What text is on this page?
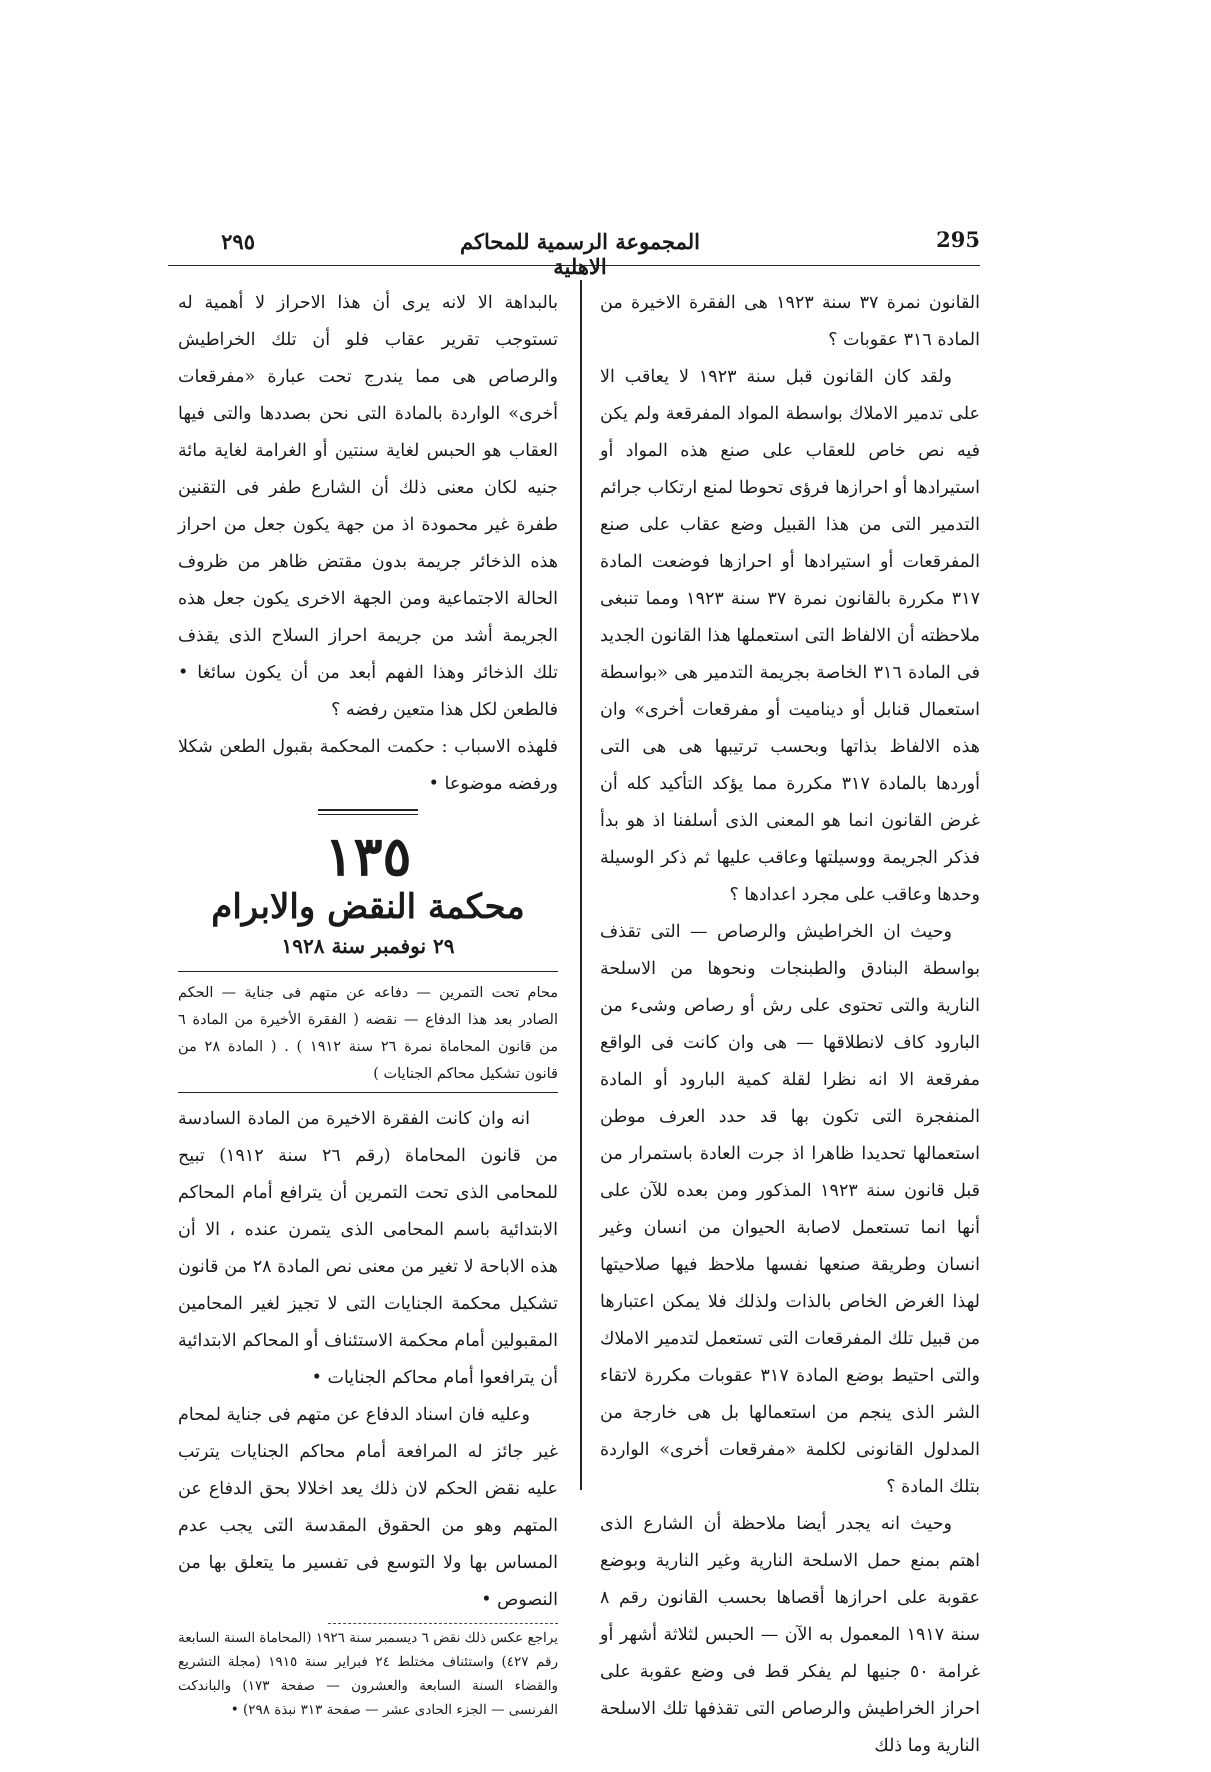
٢٩٥	المجموعة الرسمية للمحاكم الاهلية
295

القانون نمرة ٣٧ سنة ١٩٢٣ هى الفقرة الاخيرة من المادة ٣١٦ عقوبات ؟

ولقد كان القانون قبل سنة ١٩٢٣ لا يعاقب الا على تدمير الاملاك بواسطة المواد المفرقعة ولم يكن فيه نص خاص للعقاب على صنع هذه المواد أو استيرادها أو احرازها فرؤى تحوطا لمنع ارتكاب جرائم التدمير التى من هذا القبيل وضع عقاب على صنع المفرقعات أو استيرادها أو احرازها فوضعت المادة ٣١٧ مكررة بالقانون نمرة ٣٧ سنة ١٩٢٣ ومما تنبغى ملاحظته أن الالفاظ التى استعملها هذا القانون الجديد فى المادة ٣١٦ الخاصة بجريمة التدمير هى «بواسطة استعمال قنابل أو ديناميت أو مفرقعات أخرى» وان هذه الالفاظ بذاتها وبحسب ترتيبها هى هى التى أوردها بالمادة ٣١٧ مكررة مما يؤكد التأكيد كله أن غرض القانون انما هو المعنى الذى أسلفنا اذ هو بدأ فذكر الجريمة ووسيلتها وعاقب عليها ثم ذكر الوسيلة وحدها وعاقب على مجرد اعدادها ؟

وحيث ان الخراطيش والرصاص — التى تقذف بواسطة البنادق والطبنجات ونحوها من الاسلحة النارية والتى تحتوى على رش أو رصاص وشىء من البارود كاف لانطلاقها — هى وان كانت فى الواقع مفرقعة الا انه نظرا لقلة كمية البارود أو المادة المنفجرة التى تكون بها قد حدد العرف موطن استعمالها تحديدا ظاهرا اذ جرت العادة باستمرار من قبل قانون سنة ١٩٢٣ المذكور ومن بعده للآن على أنها انما تستعمل لاصابة الحيوان من انسان وغير انسان وطريقة صنعها نفسها ملاحظ فيها صلاحيتها لهذا الغرض الخاص بالذات ولذلك فلا يمكن اعتبارها من قبيل تلك المفرقعات التى تستعمل لتدمير الاملاك والتى احتيط بوضع المادة ٣١٧ عقوبات مكررة لاتقاء الشر الذى ينجم من استعمالها بل هى خارجة من المدلول القانونى لكلمة «مفرقعات أخرى» الواردة بتلك المادة ؟

وحيث انه يجدر أيضا ملاحظة أن الشارع الذى اهتم بمنع حمل الاسلحة النارية وغير النارية وبوضع عقوبة على احرازها أقصاها بحسب القانون رقم ٨ سنة ١٩١٧ المعمول به الآن — الحبس لثلاثة أشهر أو غرامة ٥٠ جنيها لم يفكر قط فى وضع عقوبة على احراز الخراطيش والرصاص التى تقذفها تلك الاسلحة النارية وما ذلك

بالبداهة الا لانه يرى أن هذا الاحراز لا أهمية له تستوجب تقرير عقاب فلو أن تلك الخراطيش والرصاص هى مما يندرج تحت عبارة «مفرقعات أخرى» الواردة بالمادة التى نحن بصددها والتى فيها العقاب هو الحبس لغاية سنتين أو الغرامة لغاية مائة جنيه لكان معنى ذلك أن الشارع طفر فى التقنين طفرة غير محمودة اذ من جهة يكون جعل من احراز هذه الذخائر جريمة بدون مقتض ظاهر من ظروف الحالة الاجتماعية ومن الجهة الاخرى يكون جعل هذه الجريمة أشد من جريمة احراز السلاح الذى يقذف تلك الذخائر وهذا الفهم أبعد من أن يكون سائغا • فالطعن لكل هذا متعين رفضه ؟

فلهذه الاسباب : حكمت المحكمة بقبول الطعن شكلا ورفضه موضوعا •

١٣٥
محكمة النقض والابرام
٢٩ نوفمبر سنة ١٩٢٨

محام تحت التمرين — دفاعه عن متهم فى جناية — الحكم الصادر بعد هذا الدفاع — نقضه ( الفقرة الأخيرة من المادة ٦ من قانون المحاماة نمرة ٢٦ سنة ١٩١٢ ) . ( المادة ٢٨ من قانون تشكيل محاكم الجنايات )

انه وان كانت الفقرة الاخيرة من المادة السادسة من قانون المحاماة (رقم ٢٦ سنة ١٩١٢) تبيح للمحامى الذى تحت التمرين أن يترافع أمام المحاكم الابتدائية باسم المحامى الذى يتمرن عنده ، الا أن هذه الاباحة لا تغير من معنى نص المادة ٢٨ من قانون تشكيل محكمة الجنايات التى لا تجيز لغير المحامين المقبولين أمام محكمة الاستئناف أو المحاكم الابتدائية أن يترافعوا أمام محاكم الجنايات •

وعليه فان اسناد الدفاع عن متهم فى جناية لمحام غير جائز له المرافعة أمام محاكم الجنايات يترتب عليه نقض الحكم لان ذلك يعد اخلالا بحق الدفاع عن المتهم وهو من الحقوق المقدسة التى يجب عدم المساس بها ولا التوسع فى تفسير ما يتعلق بها من النصوص •

يراجع عكس ذلك نقض ٦ ديسمبر سنة ١٩٢٦ (المحاماة السنة السابعة رقم ٤٢٧) واستئناف مختلط ٢٤ فبراير سنة ١٩١٥ (مجلة التشريع والقضاء السنة السابعة والعشرون — صفحة ١٧٣) والباندكت الفرنسى — الجزء الحادى عشر — صفحة ٣١٣ نبذة ٢٩٨) •
